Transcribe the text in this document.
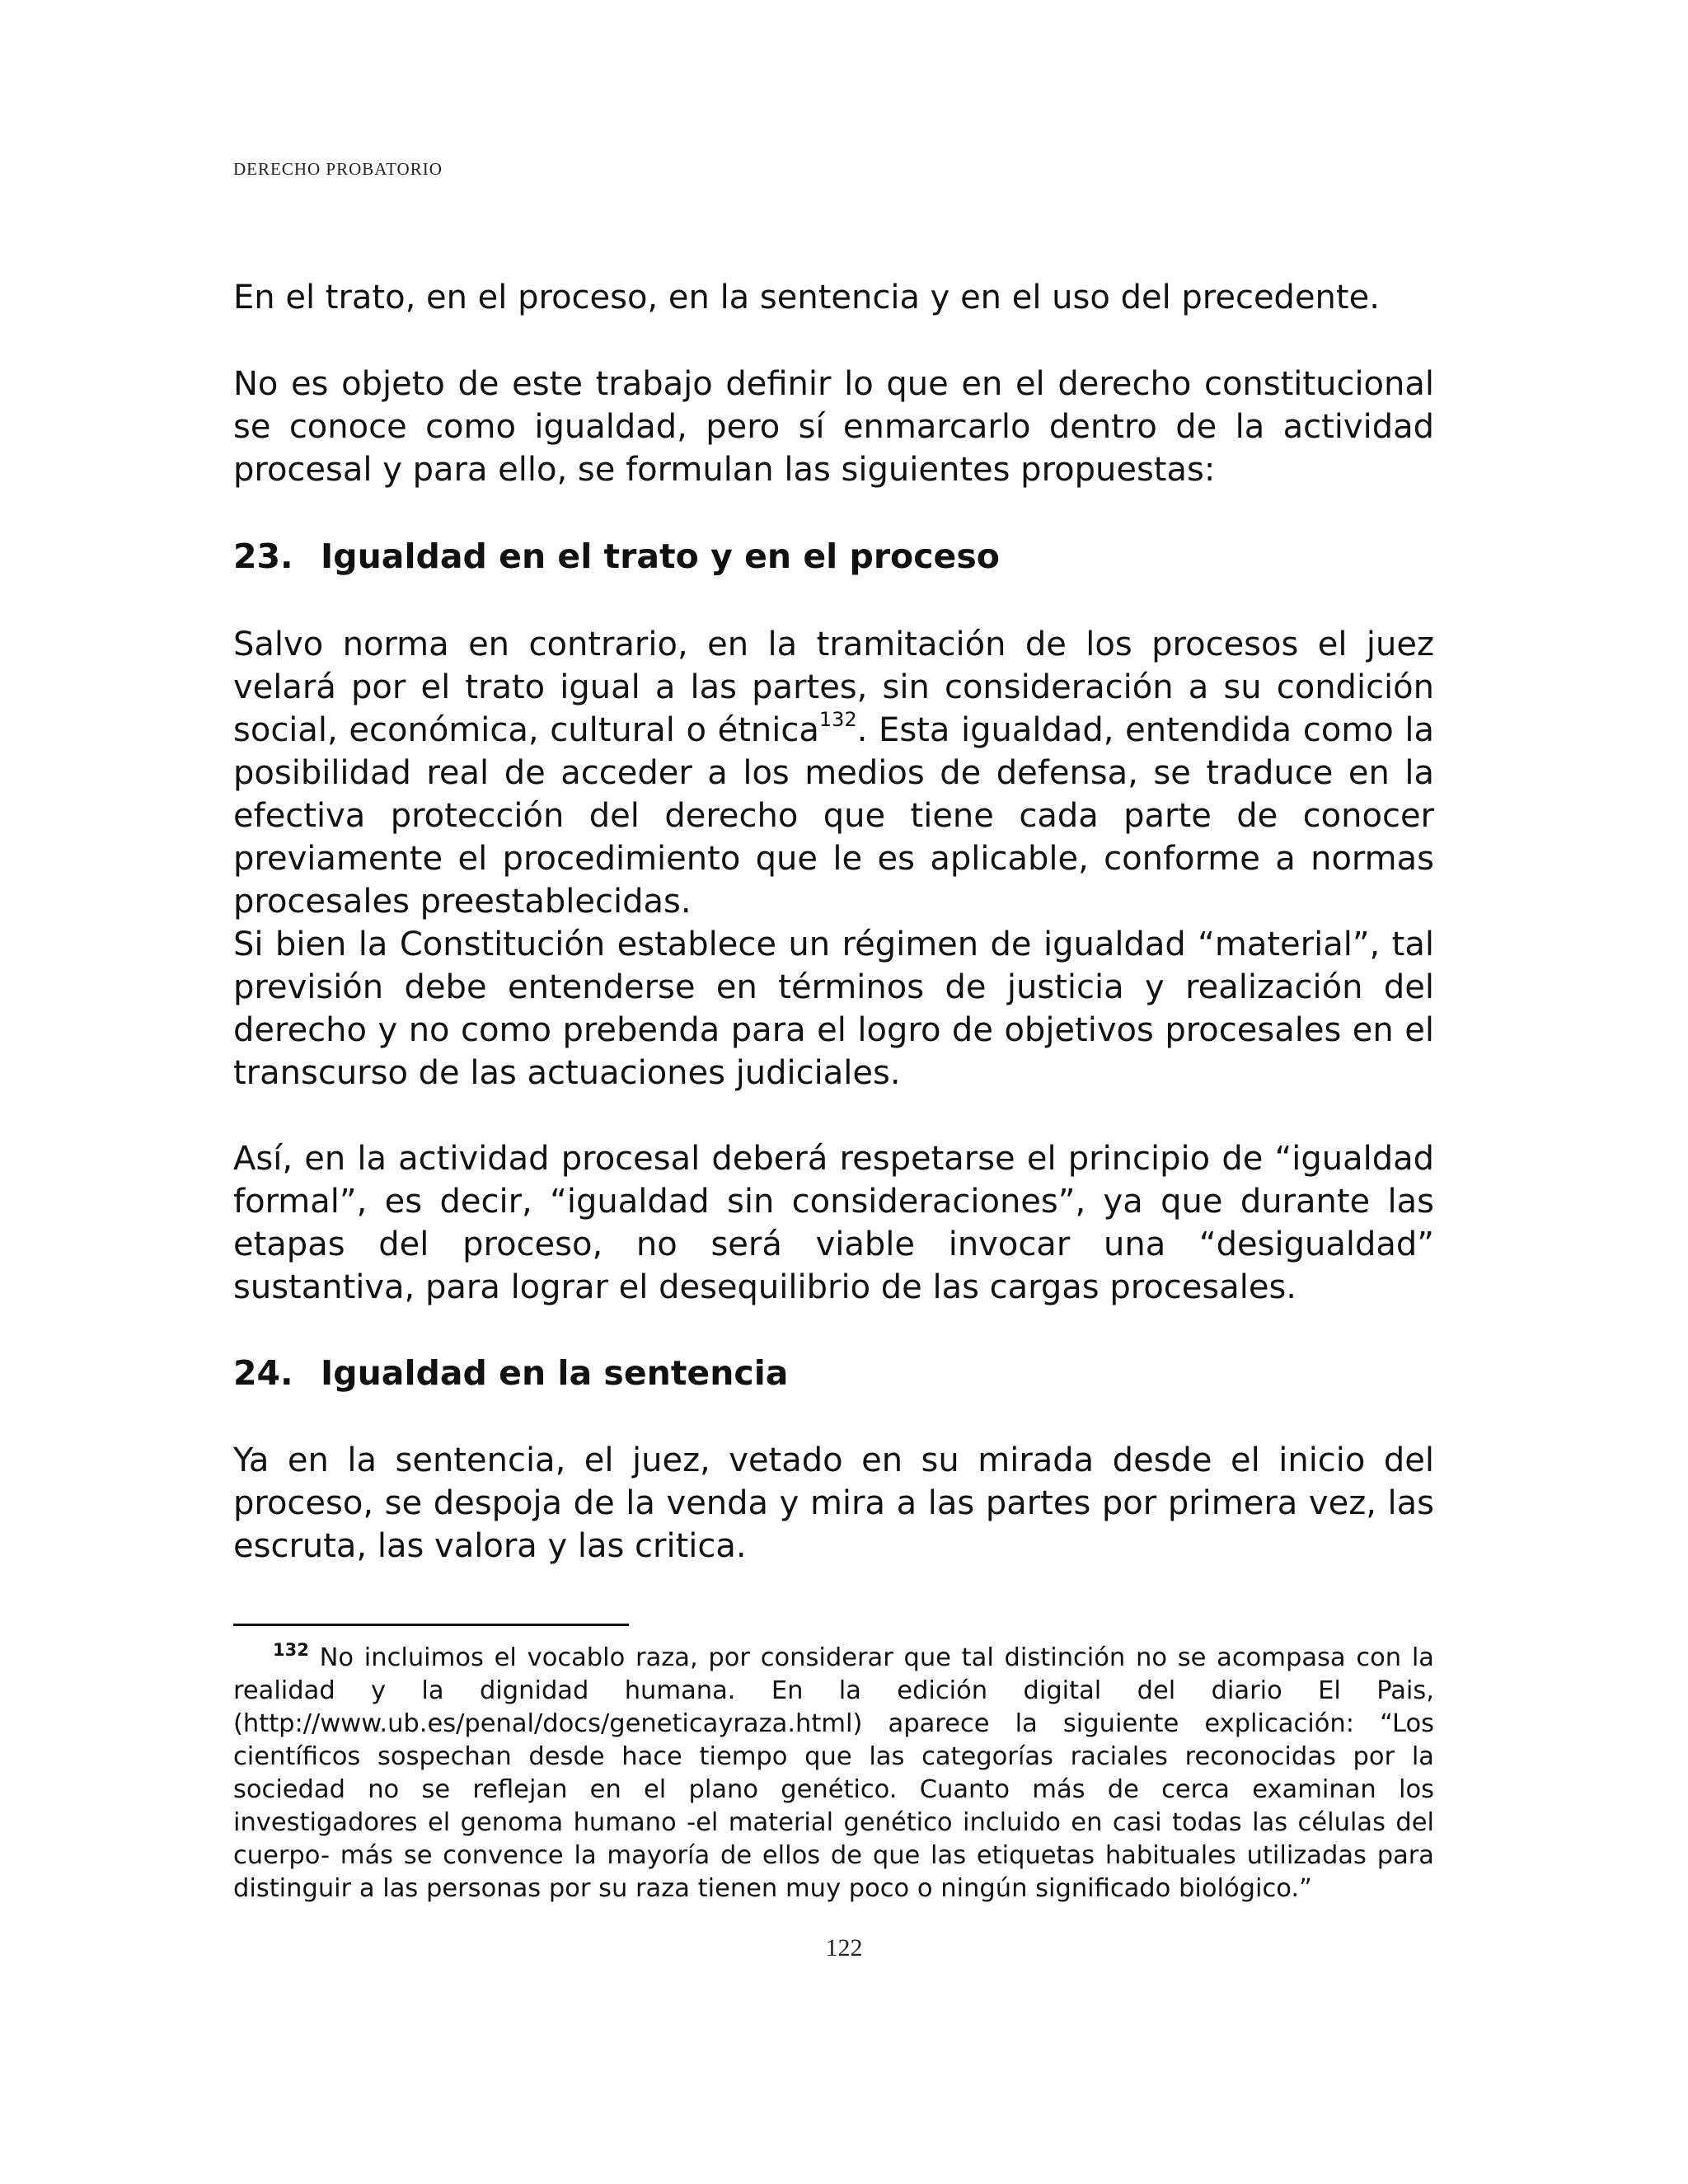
DERECHO PROBATORIO

En el trato, en el proceso, en la sentencia y en el uso del precedente.

No es objeto de este trabajo definir lo que en el derecho constitucional se conoce como igualdad, pero sí enmarcarlo dentro de la actividad procesal y para ello, se formulan las siguientes propuestas:

23. Igualdad en el trato y en el proceso

Salvo norma en contrario, en la tramitación de los procesos el juez velará por el trato igual a las partes, sin consideración a su condición social, económica, cultural o étnica$^{132}$. Esta igualdad, entendida como la posibilidad real de acceder a los medios de defensa, se traduce en la efectiva protección del derecho que tiene cada parte de conocer previamente el procedimiento que le es aplicable, conforme a normas procesales preestablecidas.

Si bien la Constitución establece un régimen de igualdad “material”, tal previsión debe entenderse en términos de justicia y realización del derecho y no como prebenda para el logro de objetivos procesales en el transcurso de las actuaciones judiciales.

Así, en la actividad procesal deberá respetarse el principio de “igualdad formal”, es decir, “igualdad sin consideraciones”, ya que durante las etapas del proceso, no será viable invocar una “desigualdad” sustantiva, para lograr el desequilibrio de las cargas procesales.

24. Igualdad en la sentencia

Ya en la sentencia, el juez, vetado en su mirada desde el inicio del proceso, se despoja de la venda y mira a las partes por primera vez, las escruta, las valora y las critica.

$^{132}$ No incluimos el vocablo raza, por considerar que tal distinción no se acompasa con la realidad y la dignidad humana. En la edición digital del diario El Pais, (http://www.ub.es/penal/docs/geneticayraza.html) aparece la siguiente explicación: “Los científicos sospechan desde hace tiempo que las categorías raciales reconocidas por la sociedad no se reflejan en el plano genético. Cuanto más de cerca examinan los investigadores el genoma humano -el material genético incluido en casi todas las células del cuerpo- más se convence la mayoría de ellos de que las etiquetas habituales utilizadas para distinguir a las personas por su raza tienen muy poco o ningún significado biológico.”

122
